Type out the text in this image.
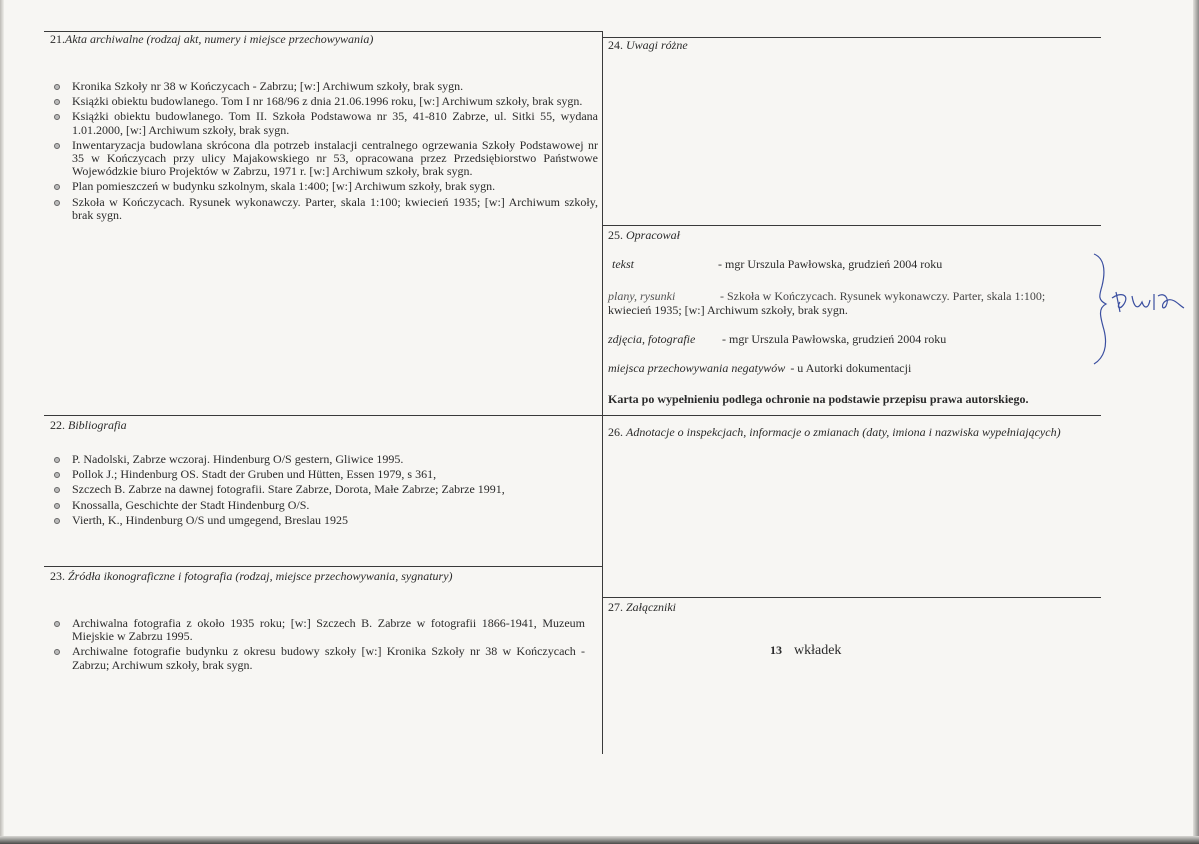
21.Akta archiwalne (rodzaj akt, numery i miejsce przechowywania)
Kronika Szkoły nr 38 w Kończycach - Zabrzu; [w:] Archiwum szkoły, brak sygn.
Książki obiektu budowlanego. Tom I nr 168/96 z dnia 21.06.1996 roku, [w:] Archiwum szkoły, brak sygn.
Książki obiektu budowlanego. Tom II. Szkoła Podstawowa nr 35, 41-810 Zabrze, ul. Sitki 55, wydana 1.01.2000, [w:] Archiwum szkoły, brak sygn.
Inwentaryzacja budowlana skrócona dla potrzeb instalacji centralnego ogrzewania Szkoły Podstawowej nr 35 w Kończycach przy ulicy Majakowskiego nr 53, opracowana przez Przedsiębiorstwo Państwowe Wojewódzkie biuro Projektów w Zabrzu, 1971 r. [w:] Archiwum szkoły, brak sygn.
Plan pomieszczeń w budynku szkolnym, skala 1:400; [w:] Archiwum szkoły, brak sygn.
Szkoła w Kończycach. Rysunek wykonawczy. Parter, skala 1:100; kwiecień 1935; [w:] Archiwum szkoły, brak sygn.
22. Bibliografia
P. Nadolski, Zabrze wczoraj. Hindenburg O/S gestern, Gliwice 1995.
Pollok J.; Hindenburg OS. Stadt der Gruben und Hütten, Essen 1979, s 361,
Szczech B. Zabrze na dawnej fotografii. Stare Zabrze, Dorota, Małe Zabrze; Zabrze 1991,
Knossalla, Geschichte der Stadt Hindenburg O/S.
Vierth, K., Hindenburg O/S und umgegend, Breslau 1925
23. Źródła ikonograficzne i fotografia (rodzaj, miejsce przechowywania, sygnatury)
Archiwalna fotografia z około 1935 roku; [w:] Szczech B. Zabrze w fotografii 1866-1941, Muzeum Miejskie w Zabrzu 1995.
Archiwalne fotografie budynku z okresu budowy szkoły [w:] Kronika Szkoły nr 38 w Kończycach - Zabrzu; Archiwum szkoły, brak sygn.
24. Uwagi różne
25. Opracował
tekst	- mgr Urszula Pawłowska, grudzień 2004 roku
plany, rysunki	- Szkoła w Kończycach. Rysunek wykonawczy. Parter, skala 1:100;
kwiecień 1935; [w:] Archiwum szkoły, brak sygn.
zdjęcia, fotografie - mgr Urszula Pawłowska, grudzień 2004 roku
miejsca przechowywania negatywów - u Autorki dokumentacji
Karta po wypełnieniu podlega ochronie na podstawie przepisu prawa autorskiego.
26. Adnotacje o inspekcjach, informacje o zmianach (daty, imiona i nazwiska wypełniających)
27. Załączniki
13 wkładek
